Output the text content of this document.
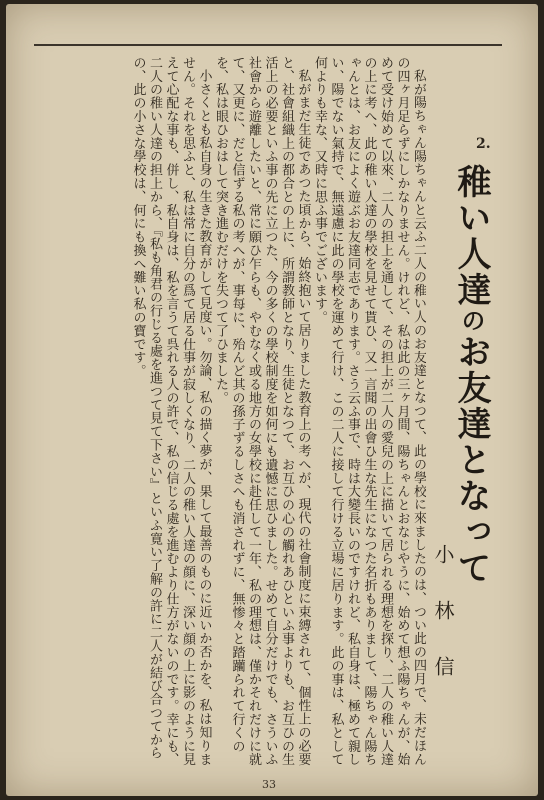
2.
稚い人達のお友達となって
小林信

私が陽ちゃん陽ちゃんと云ふ二人の稚い人のお友達となつて、此の學校に來ましたのは、つい此の四月で、未だほんの四ヶ月足らずにしかなりません。けれど、私は此の三ヶ月間、陽ちゃんとおなじやうに、始めて想ふ陽ちゃんが、始めて受け始めて以來、二人の担上を通して、その担上が二人の愛兒の上に描いて居られる理想を探り、二人の稚い人達の上に考へ、此の稚い人達の學校を見せて貰ひ、又一言聞の出會ひ生な先生になつた名折もありまして、陽ちゃん陽ちゃんとは、お友によく遊ぶお友達同志であります。さう云ふ事で、時は大變長いのですけれど、私自身は、極めて親しい、陽でない氣持で、無遠慮に此の學校を運めて行け、この二人に接して行ける立場に居ります。此の事は、私として何よりも幸な、又時に思ふ事でございます。

私がまだ生徒であつた頃から、始終抱いて居りました教育上の考へが、現代の社會制度に束縛されて、個性上の必要と、社會組織上の都合との上に、所謂教師となり、生徒となつて、お互ひの心の觸れあひといふ事よりも、お互ひの生活上の必要といふ事の先に立つた、今の多くの學校制度を如何にも遺憾に思ひました。せめて自分だけでも、さういふ社會から遊離したいと、常に願ひ乍らも、やむなく或る地方の女學校に赴任して一年、私の理想は、僅かそれだけに就て、又更に、だと信ずる私の考へが、事每に、殆んど其の孫子ずるしさへも消されずに、無惨々と踏躪られて行くのを、私は眼ひおはして突き進むだけを失つて了ひました。

小さくとも私自身の生きた教育がして見度い。勿論、私の描く夢が、果して最善のものに近いか否かを、私は知りません。それを思ふと、私は常に自分の爲て居る仕事が寂しくなり、二人の稚い人達の顔に、深い顔の上に影のように見えて心配な事も、併し、私自身は、私を言うて呉れる人の許で、私の信じる處を進むより仕方がないのです。幸にも、二人の稚い人達の担上から、『私も角君の行じる處を進つて見て下さい』といふ寛い了解の許に二人が結び合つてからの、此の小さな學校は、何にも換へ難い私の寶です。

33
